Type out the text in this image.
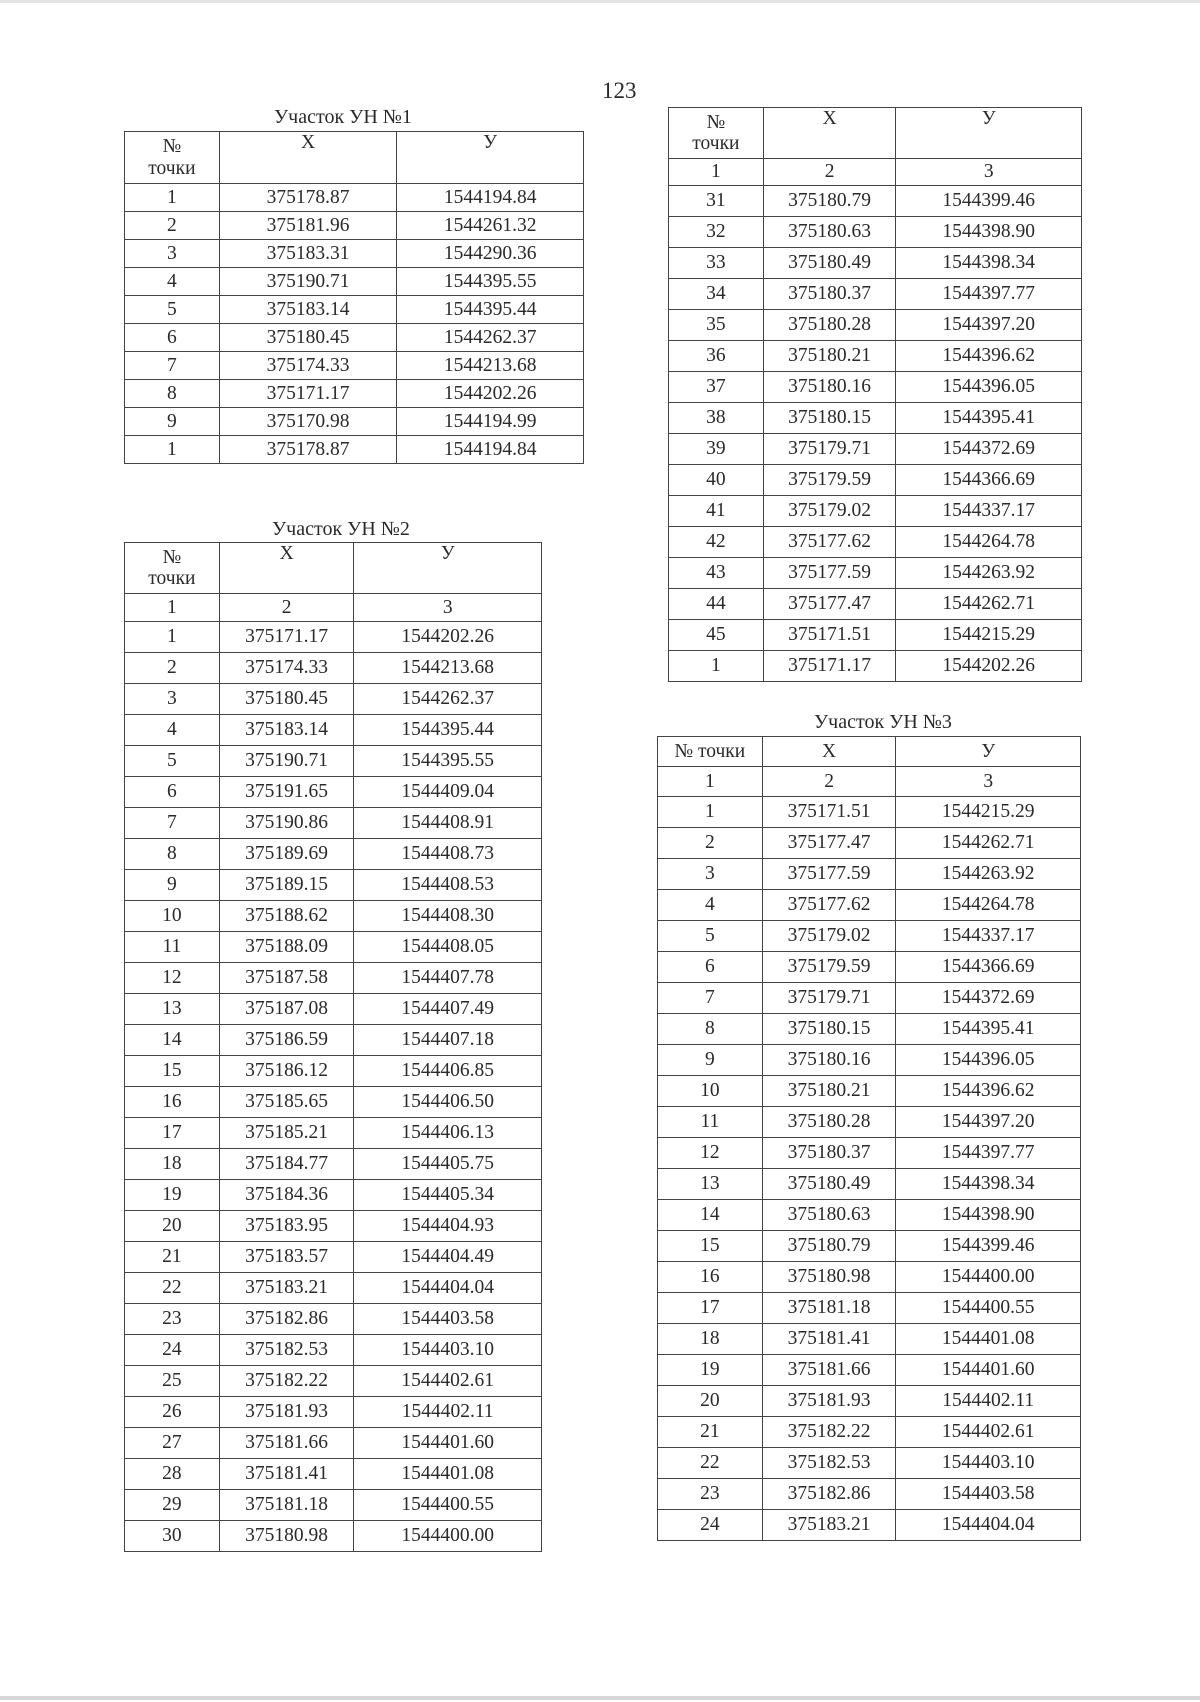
123
Участок УН №1
№
точки	X	У
1	375178.87	1544194.84
2	375181.96	1544261.32
3	375183.31	1544290.36
4	375190.71	1544395.55
5	375183.14	1544395.44
6	375180.45	1544262.37
7	375174.33	1544213.68
8	375171.17	1544202.26
9	375170.98	1544194.99
1	375178.87	1544194.84
Участок УН №2
№
точки	X	У
1	2	3
1	375171.17	1544202.26
2	375174.33	1544213.68
3	375180.45	1544262.37
4	375183.14	1544395.44
5	375190.71	1544395.55
6	375191.65	1544409.04
7	375190.86	1544408.91
8	375189.69	1544408.73
9	375189.15	1544408.53
10	375188.62	1544408.30
11	375188.09	1544408.05
12	375187.58	1544407.78
13	375187.08	1544407.49
14	375186.59	1544407.18
15	375186.12	1544406.85
16	375185.65	1544406.50
17	375185.21	1544406.13
18	375184.77	1544405.75
19	375184.36	1544405.34
20	375183.95	1544404.93
21	375183.57	1544404.49
22	375183.21	1544404.04
23	375182.86	1544403.58
24	375182.53	1544403.10
25	375182.22	1544402.61
26	375181.93	1544402.11
27	375181.66	1544401.60
28	375181.41	1544401.08
29	375181.18	1544400.55
30	375180.98	1544400.00
№
точки	X	У
1	2	3
31	375180.79	1544399.46
32	375180.63	1544398.90
33	375180.49	1544398.34
34	375180.37	1544397.77
35	375180.28	1544397.20
36	375180.21	1544396.62
37	375180.16	1544396.05
38	375180.15	1544395.41
39	375179.71	1544372.69
40	375179.59	1544366.69
41	375179.02	1544337.17
42	375177.62	1544264.78
43	375177.59	1544263.92
44	375177.47	1544262.71
45	375171.51	1544215.29
1	375171.17	1544202.26
Участок УН №3
№ точки	X	У
1	2	3
1	375171.51	1544215.29
2	375177.47	1544262.71
3	375177.59	1544263.92
4	375177.62	1544264.78
5	375179.02	1544337.17
6	375179.59	1544366.69
7	375179.71	1544372.69
8	375180.15	1544395.41
9	375180.16	1544396.05
10	375180.21	1544396.62
11	375180.28	1544397.20
12	375180.37	1544397.77
13	375180.49	1544398.34
14	375180.63	1544398.90
15	375180.79	1544399.46
16	375180.98	1544400.00
17	375181.18	1544400.55
18	375181.41	1544401.08
19	375181.66	1544401.60
20	375181.93	1544402.11
21	375182.22	1544402.61
22	375182.53	1544403.10
23	375182.86	1544403.58
24	375183.21	1544404.04
